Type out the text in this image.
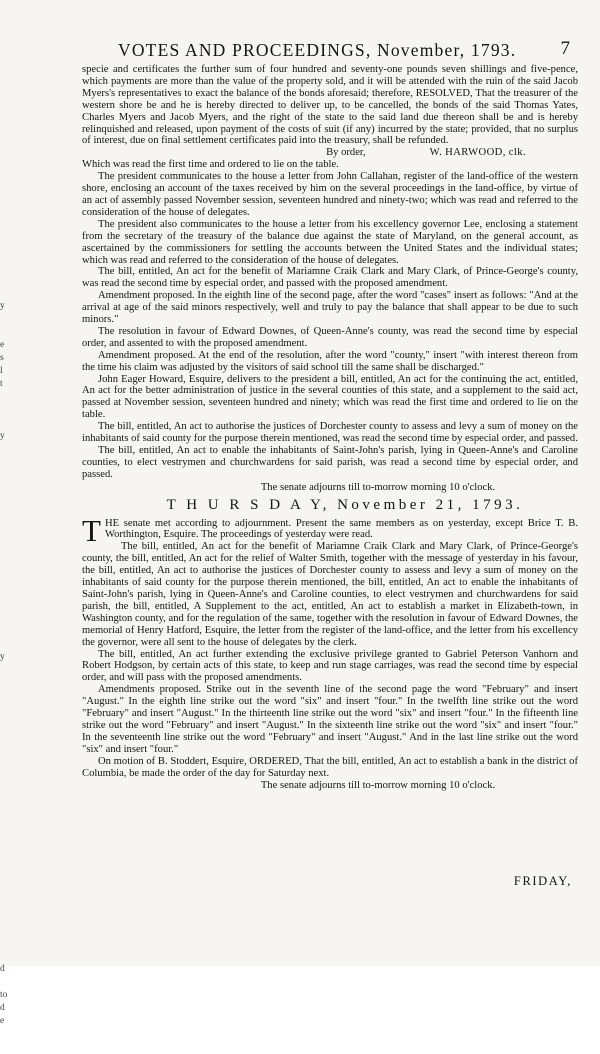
y
e
s
l
t
y
y
d
to
d
e
VOTES AND PROCEEDINGS, November, 1793. 7

specie and certificates the further sum of four hundred and seventy-one pounds seven shillings and five-pence, which payments are more than the value of the property sold, and it will be attended with the ruin of the said Jacob Myers's representatives to exact the balance of the bonds aforesaid; therefore, RESOLVED, That the treasurer of the western shore be and he is hereby directed to deliver up, to be cancelled, the bonds of the said Thomas Yates, Charles Myers and Jacob Myers, and the right of the state to the said land due thereon shall be and is hereby relinquished and released, upon payment of the costs of suit (if any) incurred by the state; provided, that no surplus of interest, due on final settlement certificates paid into the treasury, shall be refunded.

By order,	W. HARWOOD, clk.

Which was read the first time and ordered to lie on the table.

The president communicates to the house a letter from John Callahan, register of the land-office of the western shore, enclosing an account of the taxes received by him on the several proceedings in the land-office, by virtue of an act of assembly passed November session, seventeen hundred and ninety-two; which was read and referred to the consideration of the house of delegates.

The president also communicates to the house a letter from his excellency governor Lee, enclosing a statement from the secretary of the treasury of the balance due against the state of Maryland, on the general account, as ascertained by the commissioners for settling the accounts between the United States and the individual states; which was read and referred to the consideration of the house of delegates.

The bill, entitled, An act for the benefit of Mariamne Craik Clark and Mary Clark, of Prince-George's county, was read the second time by especial order, and passed with the proposed amendment.

Amendment proposed. In the eighth line of the second page, after the word "cases" insert as follows: "And at the arrival at age of the said minors respectively, well and truly to pay the balance that shall appear to be due to such minors."

The resolution in favour of Edward Downes, of Queen-Anne's county, was read the second time by especial order, and assented to with the proposed amendment.

Amendment proposed. At the end of the resolution, after the word "county," insert "with interest thereon from the time his claim was adjusted by the visitors of said school till the same shall be discharged."

John Eager Howard, Esquire, delivers to the president a bill, entitled, An act for the continuing the act, entitled, An act for the better administration of justice in the several counties of this state, and a supplement to the said act, passed at November session, seventeen hundred and ninety; which was read the first time and ordered to lie on the table.

The bill, entitled, An act to authorise the justices of Dorchester county to assess and levy a sum of money on the inhabitants of said county for the purpose therein mentioned, was read the second time by especial order, and passed.

The bill, entitled, An act to enable the inhabitants of Saint-John's parish, lying in Queen-Anne's and Caroline counties, to elect vestrymen and churchwardens for said parish, was read a second time by especial order, and passed.

The senate adjourns till to-morrow morning 10 o'clock.

T H U R S D A Y, November 21, 1793.

THE senate met according to adjournment. Present the same members as on yesterday, except Brice T. B. Worthington, Esquire. The proceedings of yesterday were read.

The bill, entitled, An act for the benefit of Mariamne Craik Clark and Mary Clark, of Prince-George's county, the bill, entitled, An act for the relief of Walter Smith, together with the message of yesterday in his favour, the bill, entitled, An act to authorise the justices of Dorchester county to assess and levy a sum of money on the inhabitants of said county for the purpose therein mentioned, the bill, entitled, An act to enable the inhabitants of Saint-John's parish, lying in Queen-Anne's and Caroline counties, to elect vestrymen and churchwardens for said parish, the bill, entitled, A Supplement to the act, entitled, An act to establish a market in Elizabeth-town, in Washington county, and for the regulation of the same, together with the resolution in favour of Edward Downes, the memorial of Henry Hatford, Esquire, the letter from the register of the land-office, and the letter from his excellency the governor, were all sent to the house of delegates by the clerk.

The bill, entitled, An act further extending the exclusive privilege granted to Gabriel Peterson Vanhorn and Robert Hodgson, by certain acts of this state, to keep and run stage carriages, was read the second time by especial order, and will pass with the proposed amendments.

Amendments proposed. Strike out in the seventh line of the second page the word "February" and insert "August." In the eighth line strike out the word "six" and insert "four." In the twelfth line strike out the word "February" and insert "August." In the thirteenth line strike out the word "six" and insert "four." In the fifteenth line strike out the word "February" and insert "August." In the sixteenth line strike out the word "six" and insert "four." In the seventeenth line strike out the word "February" and insert "August." And in the last line strike out the word "six" and insert "four."

On motion of B. Stoddert, Esquire, ORDERED, That the bill, entitled, An act to establish a bank in the district of Columbia, be made the order of the day for Saturday next.

The senate adjourns till to-morrow morning 10 o'clock.

FRIDAY,
